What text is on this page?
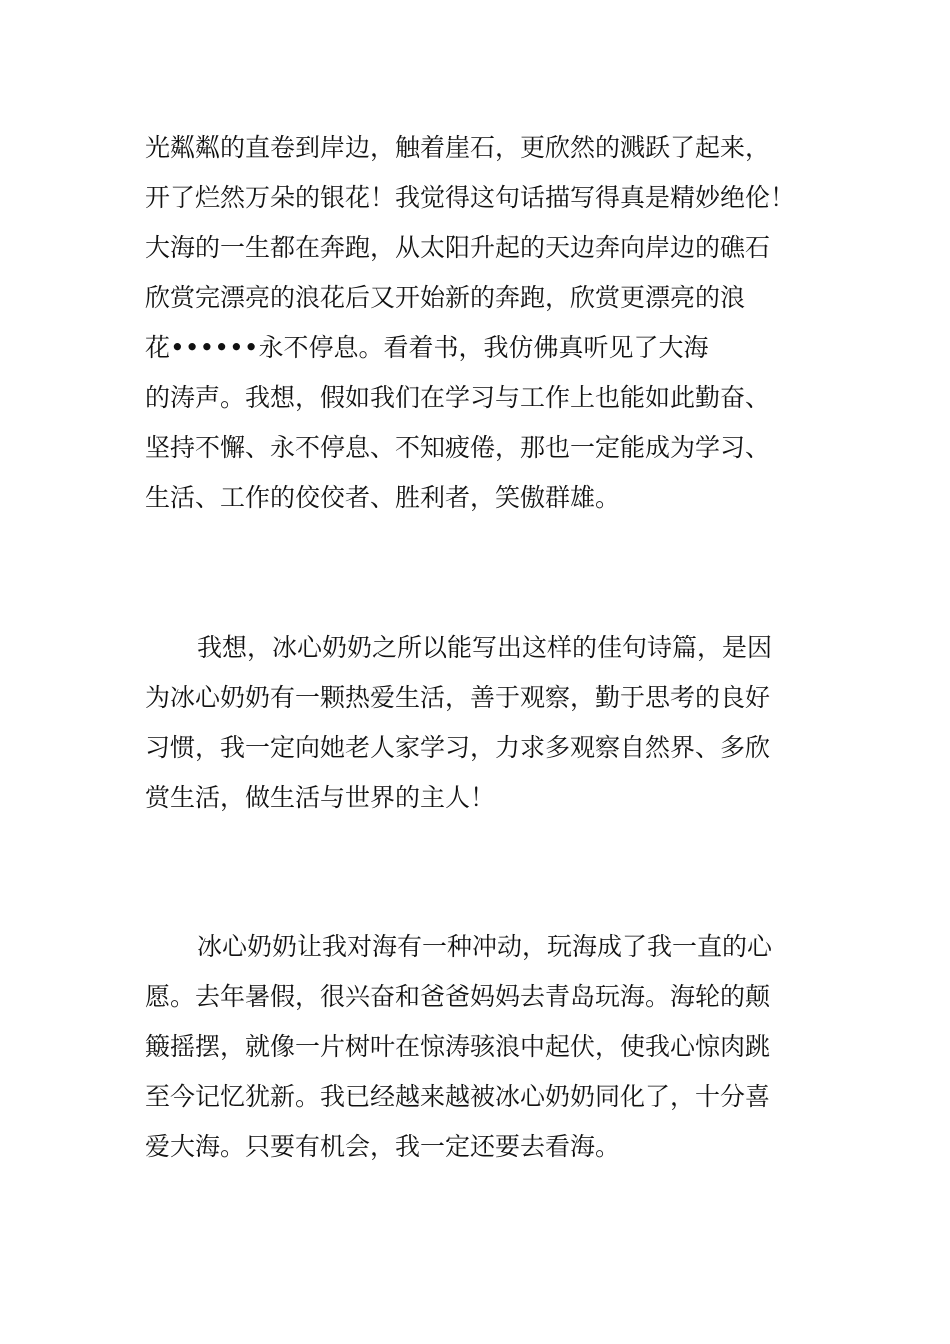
光粼粼的直卷到岸边，触着崖石，更欣然的溅跃了起来，
开了烂然万朵的银花！我觉得这句话描写得真是精妙绝伦！
大海的一生都在奔跑，从太阳升起的天边奔向岸边的礁石
欣赏完漂亮的浪花后又开始新的奔跑，欣赏更漂亮的浪
花••••••永不停息。看着书，我仿佛真听见了大海
的涛声。我想，假如我们在学习与工作上也能如此勤奋、
坚持不懈、永不停息、不知疲倦，那也一定能成为学习、
生活、工作的佼佼者、胜利者，笑傲群雄。
我想，冰心奶奶之所以能写出这样的佳句诗篇，是因
为冰心奶奶有一颗热爱生活，善于观察，勤于思考的良好
习惯，我一定向她老人家学习，力求多观察自然界、多欣
赏生活，做生活与世界的主人！
冰心奶奶让我对海有一种冲动，玩海成了我一直的心
愿。去年暑假，很兴奋和爸爸妈妈去青岛玩海。海轮的颠
簸摇摆，就像一片树叶在惊涛骇浪中起伏，使我心惊肉跳
至今记忆犹新。我已经越来越被冰心奶奶同化了，十分喜
爱大海。只要有机会，我一定还要去看海。
